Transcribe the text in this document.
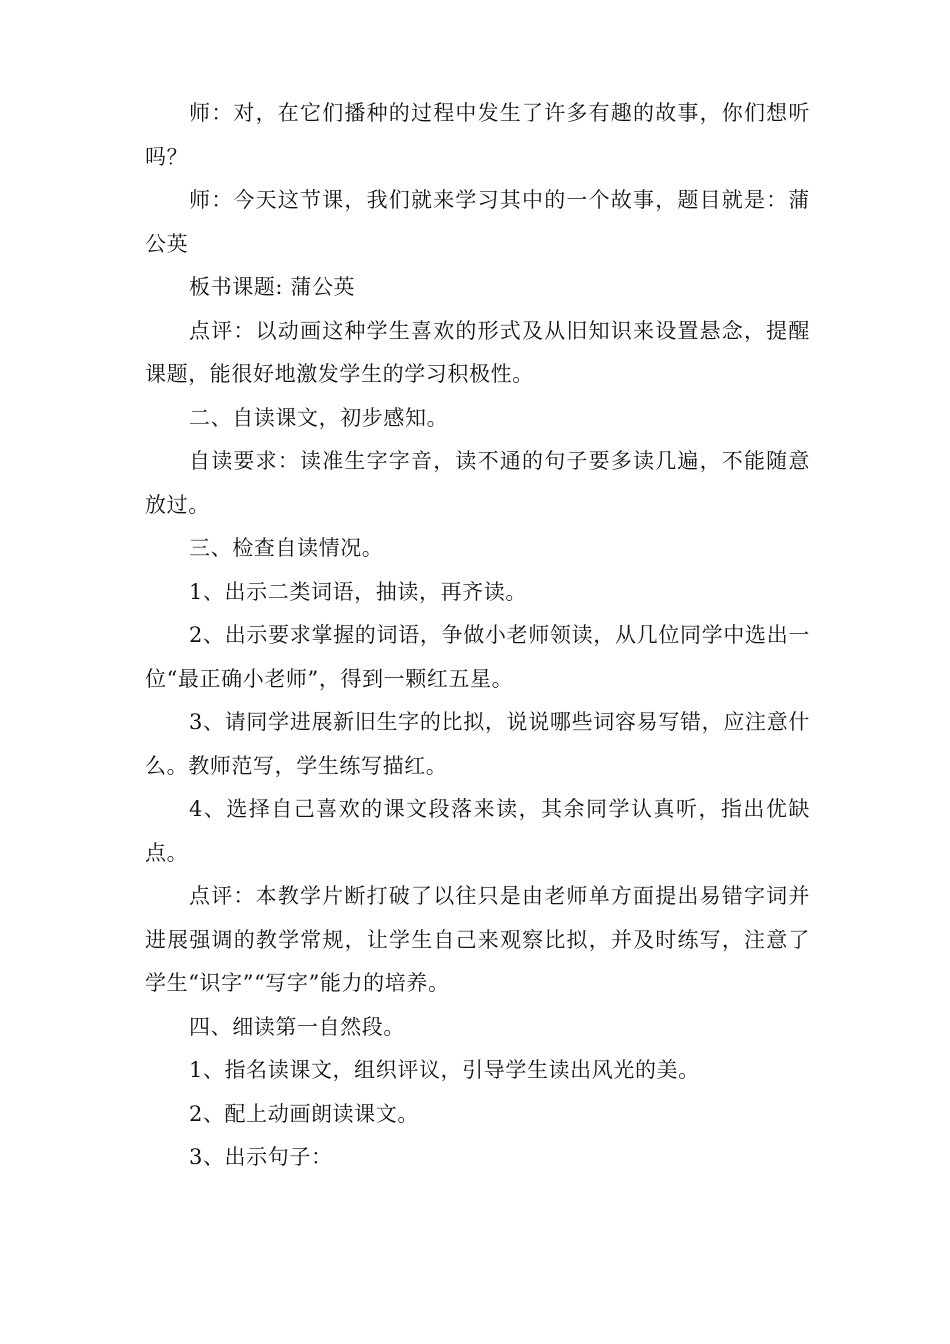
师：对，在它们播种的过程中发生了许多有趣的故事，你们想听吗？

师：今天这节课，我们就来学习其中的一个故事，题目就是：蒲公英

板书课题: 蒲公英

点评：以动画这种学生喜欢的形式及从旧知识来设置悬念，提醒课题，能很好地激发学生的学习积极性。

二、自读课文，初步感知。

自读要求：读准生字字音，读不通的句子要多读几遍，不能随意放过。

三、检查自读情况。

1、出示二类词语，抽读，再齐读。

2、出示要求掌握的词语，争做小老师领读，从几位同学中选出一位“最正确小老师”，得到一颗红五星。

3、请同学进展新旧生字的比拟，说说哪些词容易写错，应注意什么。教师范写，学生练写描红。

4、选择自己喜欢的课文段落来读，其余同学认真听，指出优缺点。

点评：本教学片断打破了以往只是由老师单方面提出易错字词并进展强调的教学常规，让学生自己来观察比拟，并及时练写，注意了学生“识字”“写字”能力的培养。

四、细读第一自然段。

1、指名读课文，组织评议，引导学生读出风光的美。

2、配上动画朗读课文。

3、出示句子：
